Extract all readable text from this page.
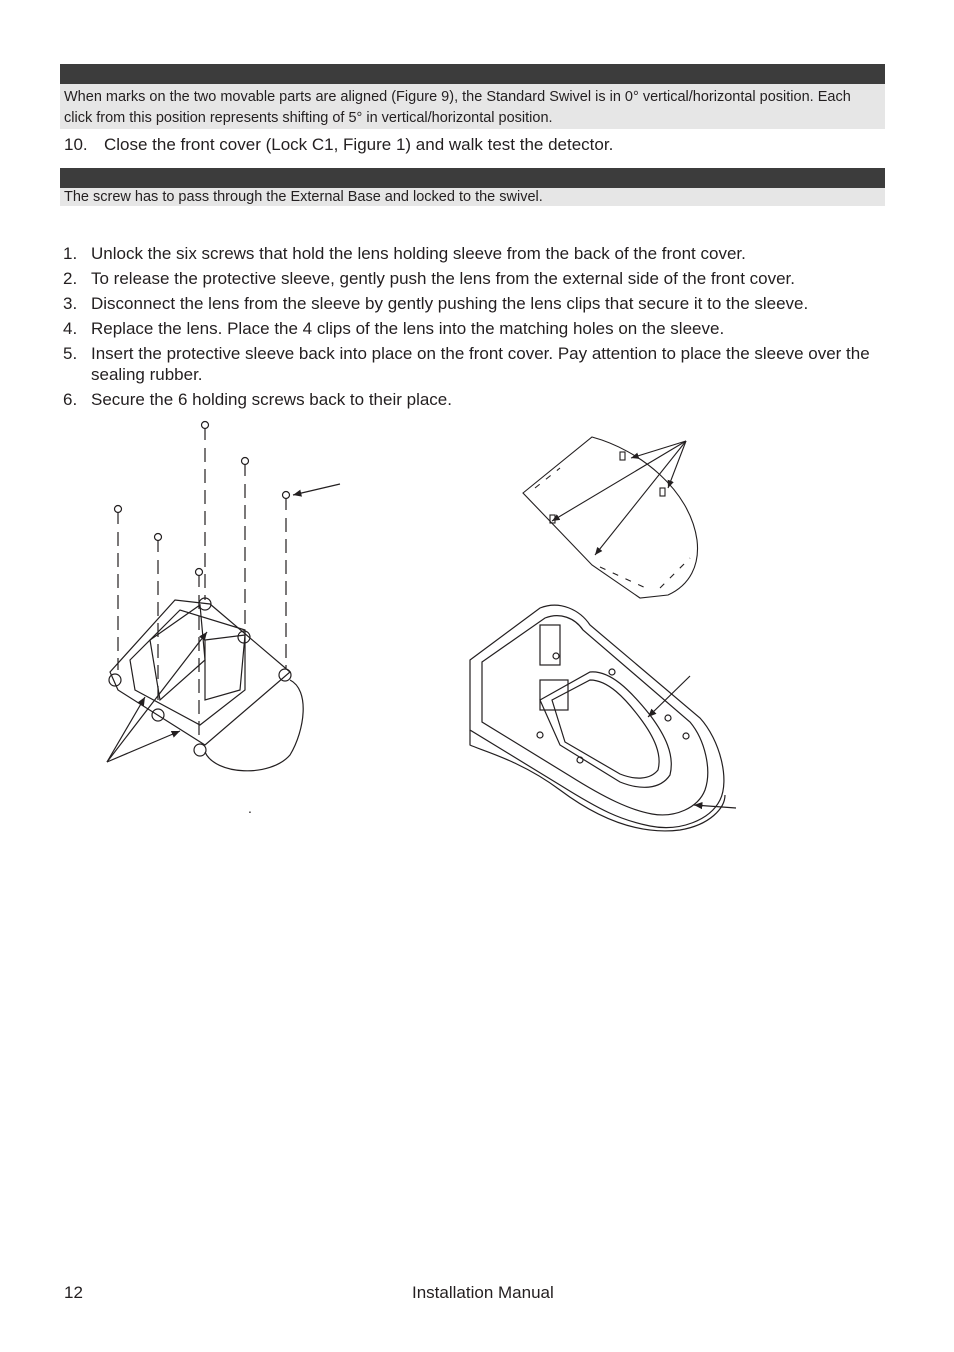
When marks on the two movable parts are aligned (Figure 9), the Standard Swivel is in 0° vertical/horizontal position. Each click from this position represents shifting of 5° in vertical/horizontal position.
10. Close the front cover (Lock C1, Figure 1) and walk test the detector.
The screw has to pass through the External Base and locked to the swivel.
1. Unlock the six screws that hold the lens holding sleeve from the back of the front cover.
2. To release the protective sleeve, gently push the lens from the external side of the front cover.
3. Disconnect the lens from the sleeve by gently pushing the lens clips that secure it to the sleeve.
4. Replace the lens. Place the 4 clips of the lens into the matching holes on the sleeve.
5. Insert the protective sleeve back into place on the front cover. Pay attention to place the sleeve over the sealing rubber.
6. Secure the 6 holding screws back to their place.
.
12	Installation Manual
